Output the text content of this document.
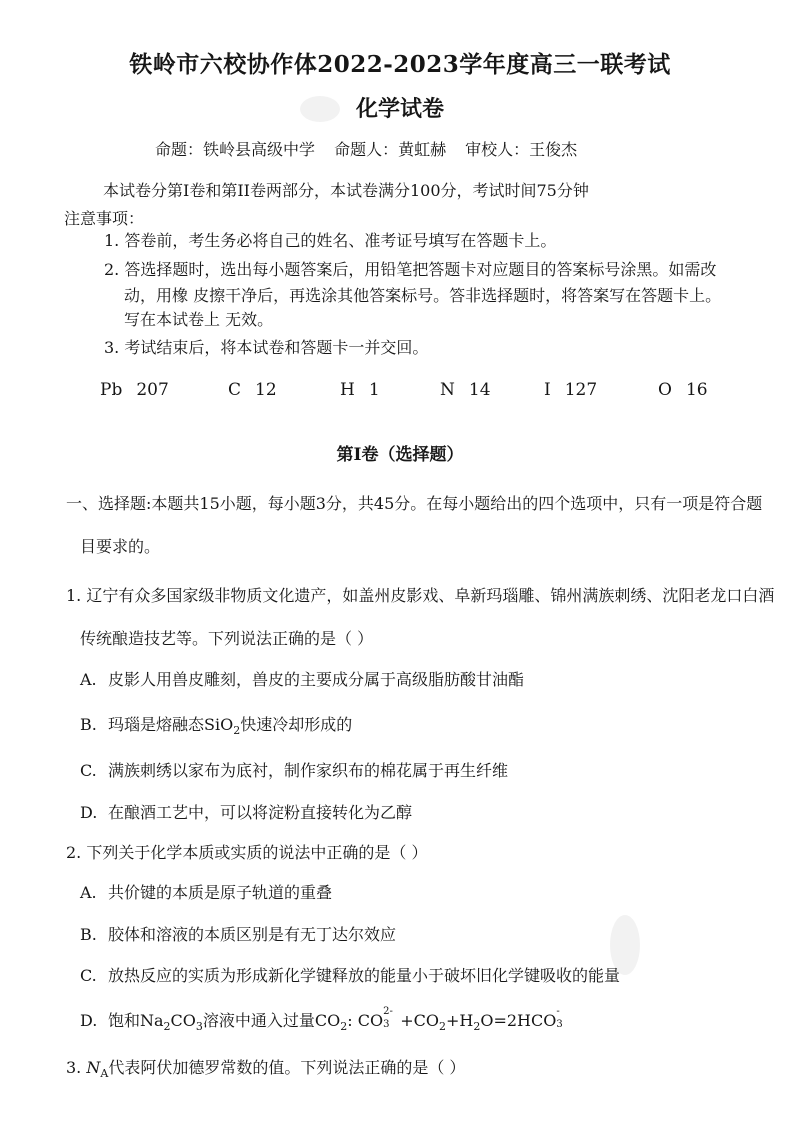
铁岭市六校协作体2022-2023学年度高三一联考试
化学试卷
命题：铁岭县高级中学 命题人：黄虹赫 审校人：王俊杰
本试卷分第I卷和第II卷两部分，本试卷满分100分，考试时间75分钟
注意事项：
1. 答卷前，考生务必将自己的姓名、准考证号填写在答题卡上。
2. 答选择题时，选出每小题答案后，用铅笔把答题卡对应题目的答案标号涂黑。如需改
动，用橡 皮擦干净后，再选涂其他答案标号。答非选择题时，将答案写在答题卡上。
写在本试卷上 无效。
3. 考试结束后，将本试卷和答题卡一并交回。
Pb 207	C 12	H 1	N 14	I 127	O 16
第I卷（选择题）
一、选择题:本题共15小题，每小题3分，共45分。在每小题给出的四个选项中，只有一项是符合题
目要求的。
1. 辽宁有众多国家级非物质文化遗产，如盖州皮影戏、阜新玛瑙雕、锦州满族刺绣、沈阳老龙口白酒
传统酿造技艺等。下列说法正确的是（ ）
A. 皮影人用兽皮雕刻，兽皮的主要成分属于高级脂肪酸甘油酯
B. 玛瑙是熔融态SiO$_2$快速冷却形成的
C. 满族刺绣以家布为底衬，制作家织布的棉花属于再生纤维
D. 在酿酒工艺中，可以将淀粉直接转化为乙醇
2. 下列关于化学本质或实质的说法中正确的是（ ）
A. 共价键的本质是原子轨道的重叠
B. 胶体和溶液的本质区别是有无丁达尔效应
C. 放热反应的实质为形成新化学键释放的能量小于破坏旧化学键吸收的能量
D. 饱和$Na_2CO_3$溶液中通入过量$CO_2$: CO 2-
$3 +CO_2+H_2O=2HCO$ -
3
3. $N_A$代表阿伏加德罗常数的值。下列说法正确的是（ ）
